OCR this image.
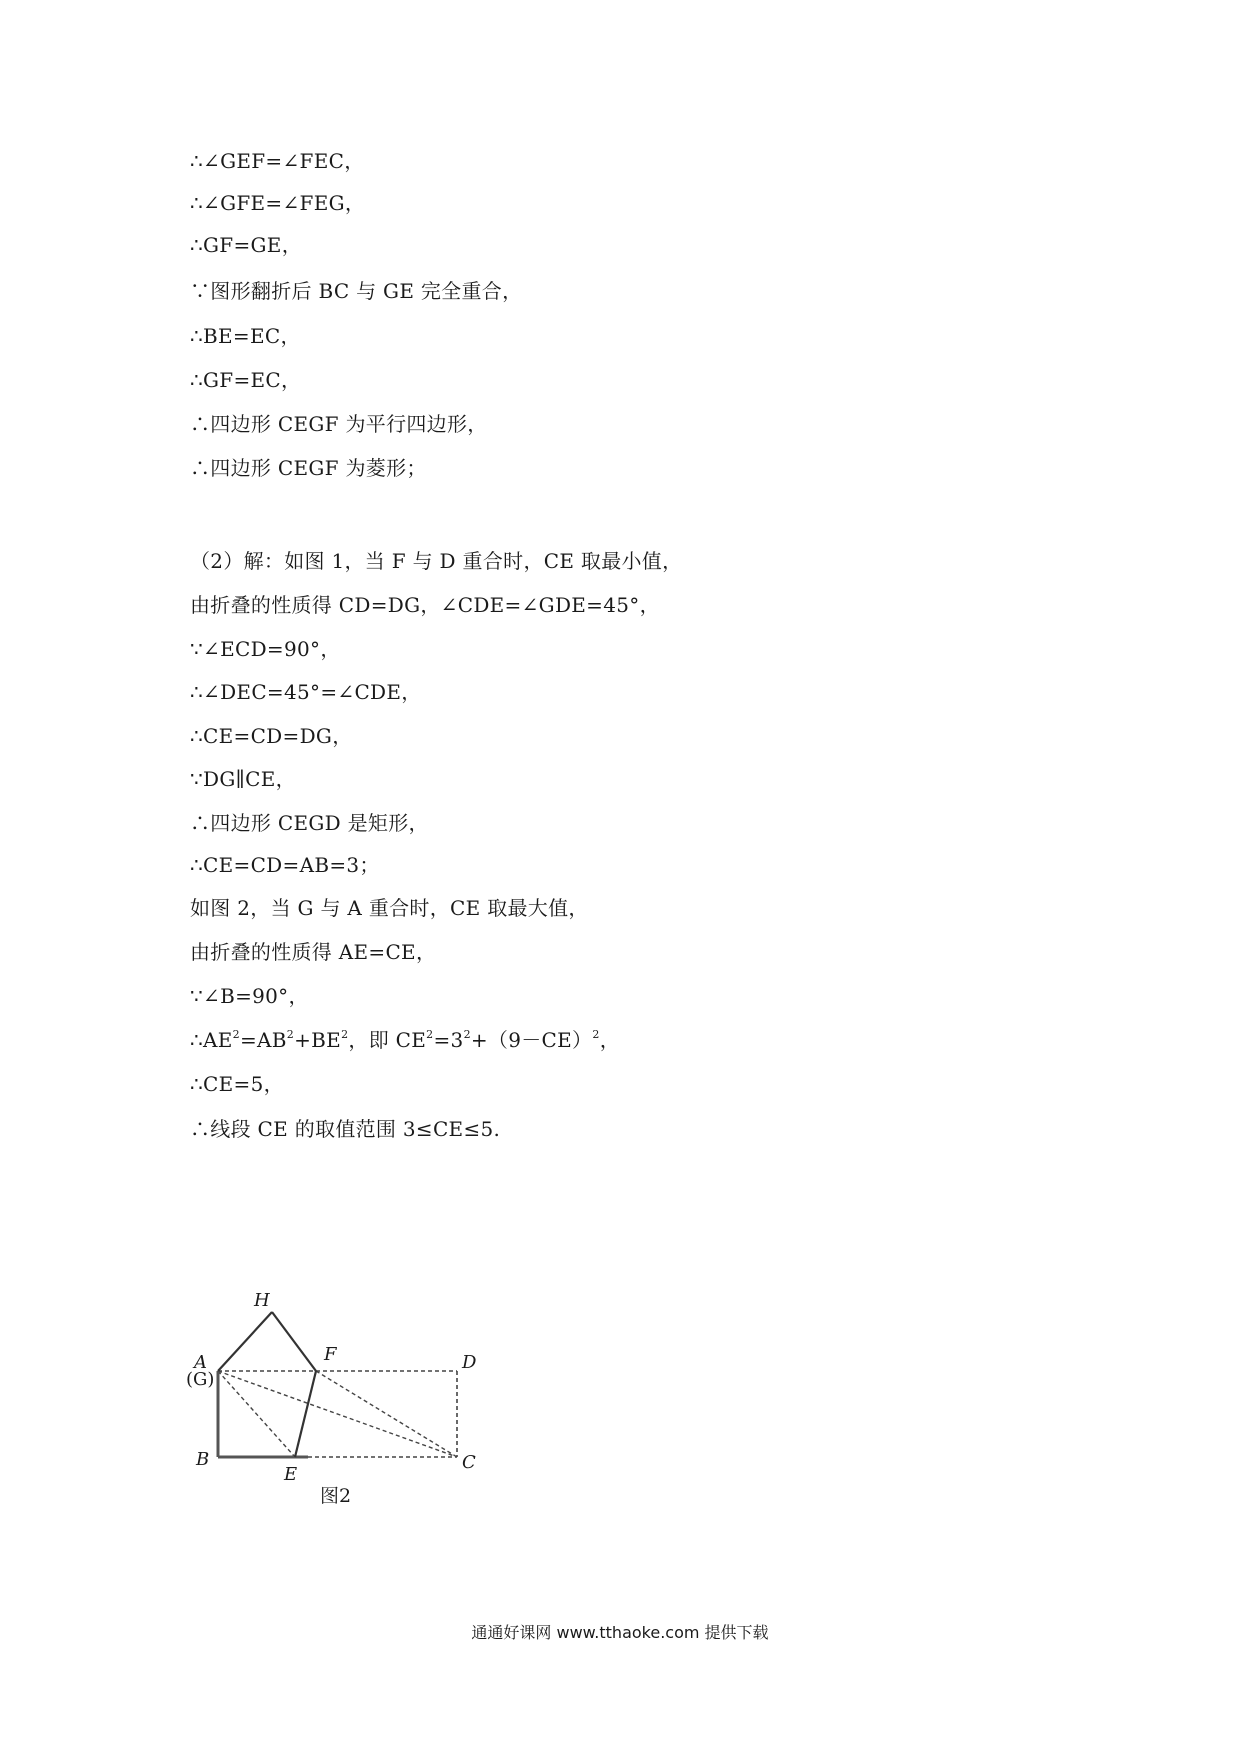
∴∠GEF=∠FEC，
∴∠GFE=∠FEG，
∴GF=GE，
∵图形翻折后 BC 与 GE 完全重合，
∴BE=EC，
∴GF=EC，
∴四边形 CEGF 为平行四边形，
∴四边形 CEGF 为菱形；
（2）解：如图 1，当 F 与 D 重合时，CE 取最小值，
由折叠的性质得 CD=DG，∠CDE=∠GDE=45°，
∵∠ECD=90°，
∴∠DEC=45°=∠CDE，
∴CE=CD=DG，
∵DG∥CE，
∴四边形 CEGD 是矩形，
∴CE=CD=AB=3；
如图 2，当 G 与 A 重合时，CE 取最大值，
由折叠的性质得 AE=CE，
∵∠B=90°，
$\therefore AE^2=AB^2+BE^2$，即 $CE^2=3^2+(9-CE)^2$，
∴CE=5，
∴线段 CE 的取值范围 3≤CE≤5.
H
A
(G)
F	D
B
E
C
图2
通通好课网 www.tthaoke.com 提供下载
